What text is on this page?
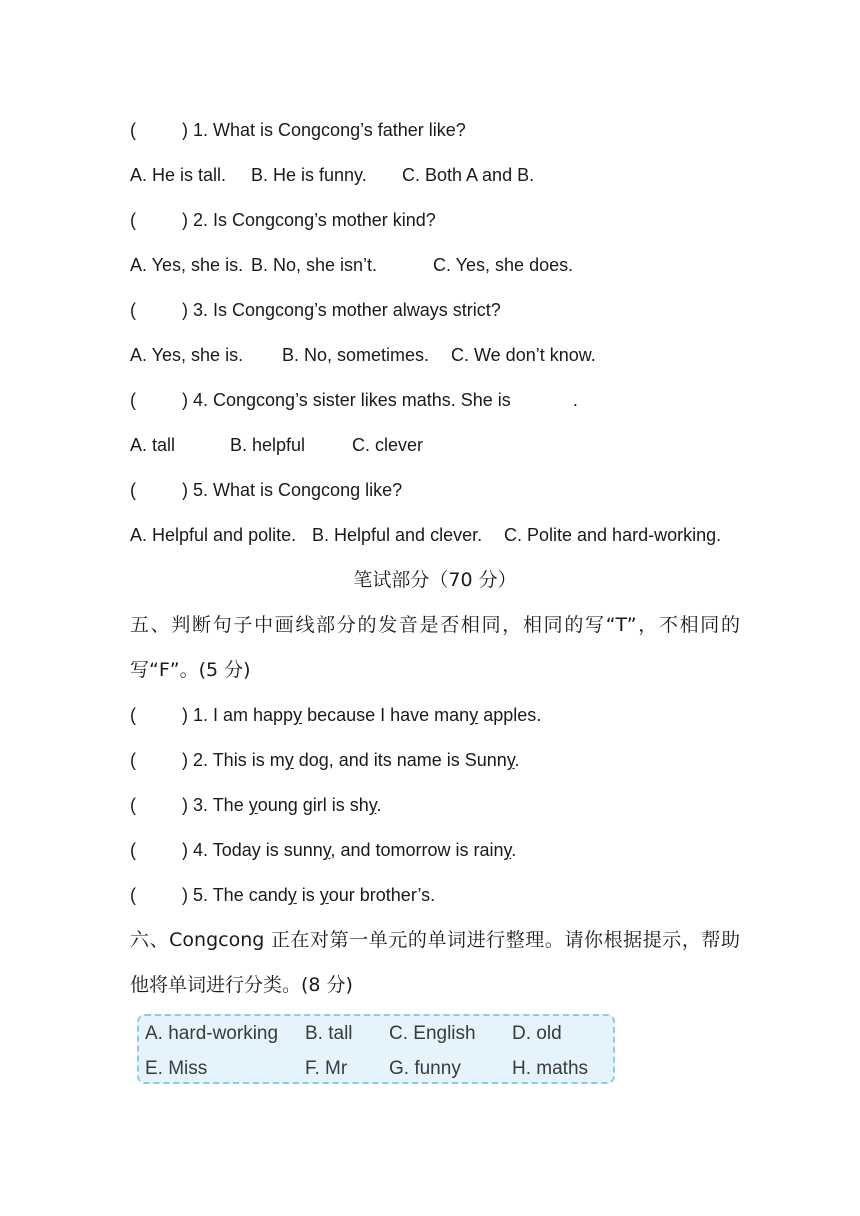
(	) 1. What is Congcong’s father like?
A. He is tall. B. He is funny. C. Both A and B.
(	) 2. Is Congcong’s mother kind?
A. Yes, she is. B. No, she isn’t.	C. Yes, she does.
(	) 3. Is Congcong’s mother always strict?
A. Yes, she is. B. No, sometimes. C. We don’t know.
(	) 4. Congcong’s sister likes maths. She is	.
A. tall	B. helpful	C. clever
(	) 5. What is Congcong like?
A. Helpful and polite. B. Helpful and clever. C. Polite and hard-working.
笔试部分（70 分）
五、判断句子中画线部分的发音是否相同，相同的写“T”，不相同的写“F”。(5 分)
(	) 1. I am happy because I have many apples.
(	) 2. This is my dog, and its name is Sunny.
(	) 3. The young girl is shy.
(	) 4. Today is sunny, and tomorrow is rainy.
(	) 5. The candy is your brother’s.
六、Congcong 正在对第一单元的单词进行整理。请你根据提示，帮助他将单词进行分类。(8 分)
A. hard-working B. tall C. English D. old
E. Miss	F. Mr G. funny	H. maths
